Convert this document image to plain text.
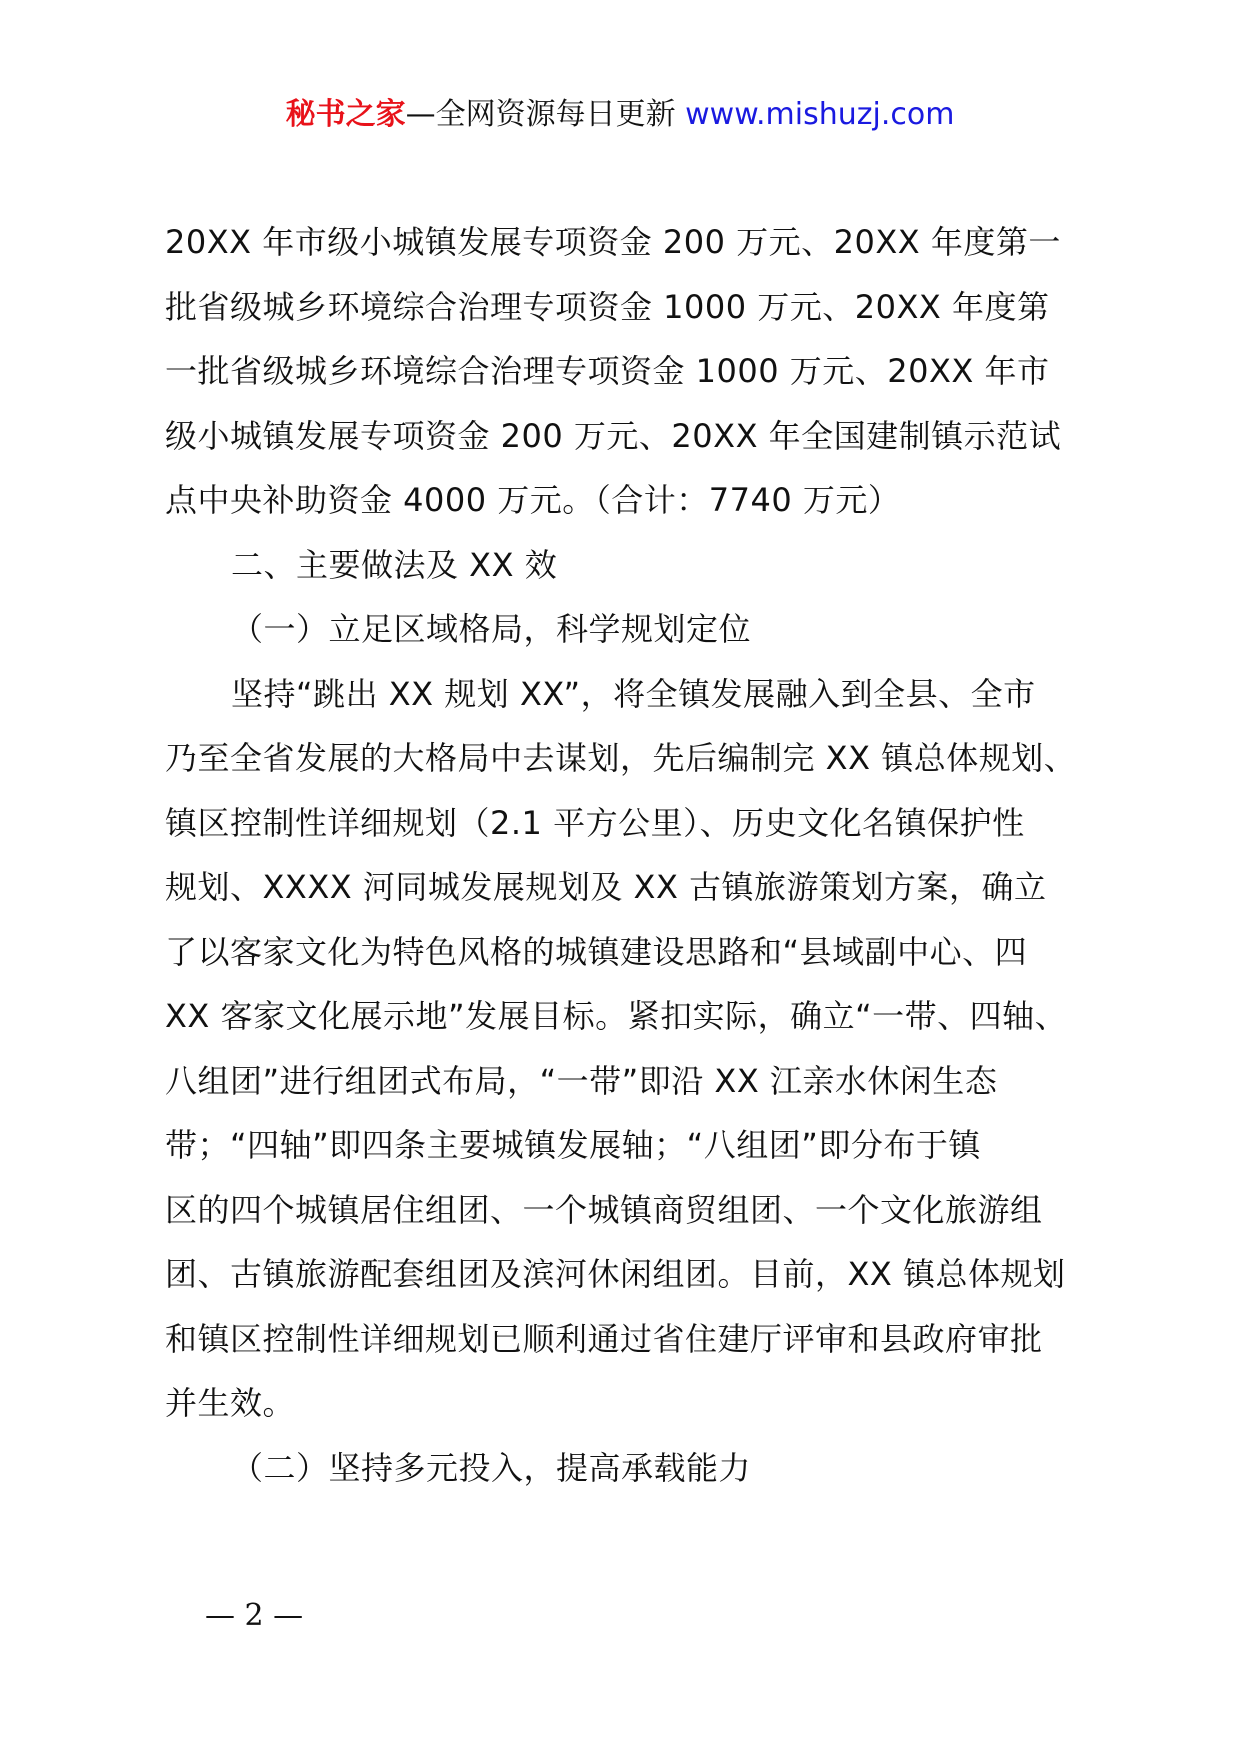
秘书之家—全网资源每日更新 www.mishuzj.com
20XX 年市级小城镇发展专项资金 200 万元、20XX 年度第一
批省级城乡环境综合治理专项资金 1000 万元、20XX 年度第
一批省级城乡环境综合治理专项资金 1000 万元、20XX 年市
级小城镇发展专项资金 200 万元、20XX 年全国建制镇示范试
点中央补助资金 4000 万元。（合计：7740 万元）
二、主要做法及 XX 效
（一）立足区域格局，科学规划定位
坚持“跳出 XX 规划 XX”，将全镇发展融入到全县、全市
乃至全省发展的大格局中去谋划，先后编制完 XX 镇总体规划、
镇区控制性详细规划（2.1 平方公里）、历史文化名镇保护性
规划、XXXX 河同城发展规划及 XX 古镇旅游策划方案，确立
了以客家文化为特色风格的城镇建设思路和“县域副中心、四
XX 客家文化展示地”发展目标。紧扣实际，确立“一带、四轴、
八组团”进行组团式布局，“一带”即沿 XX 江亲水休闲生态
带；“四轴”即四条主要城镇发展轴；“八组团”即分布于镇
区的四个城镇居住组团、一个城镇商贸组团、一个文化旅游组
团、古镇旅游配套组团及滨河休闲组团。目前，XX 镇总体规划
和镇区控制性详细规划已顺利通过省住建厅评审和县政府审批
并生效。
（二）坚持多元投入，提高承载能力
— 2 —
